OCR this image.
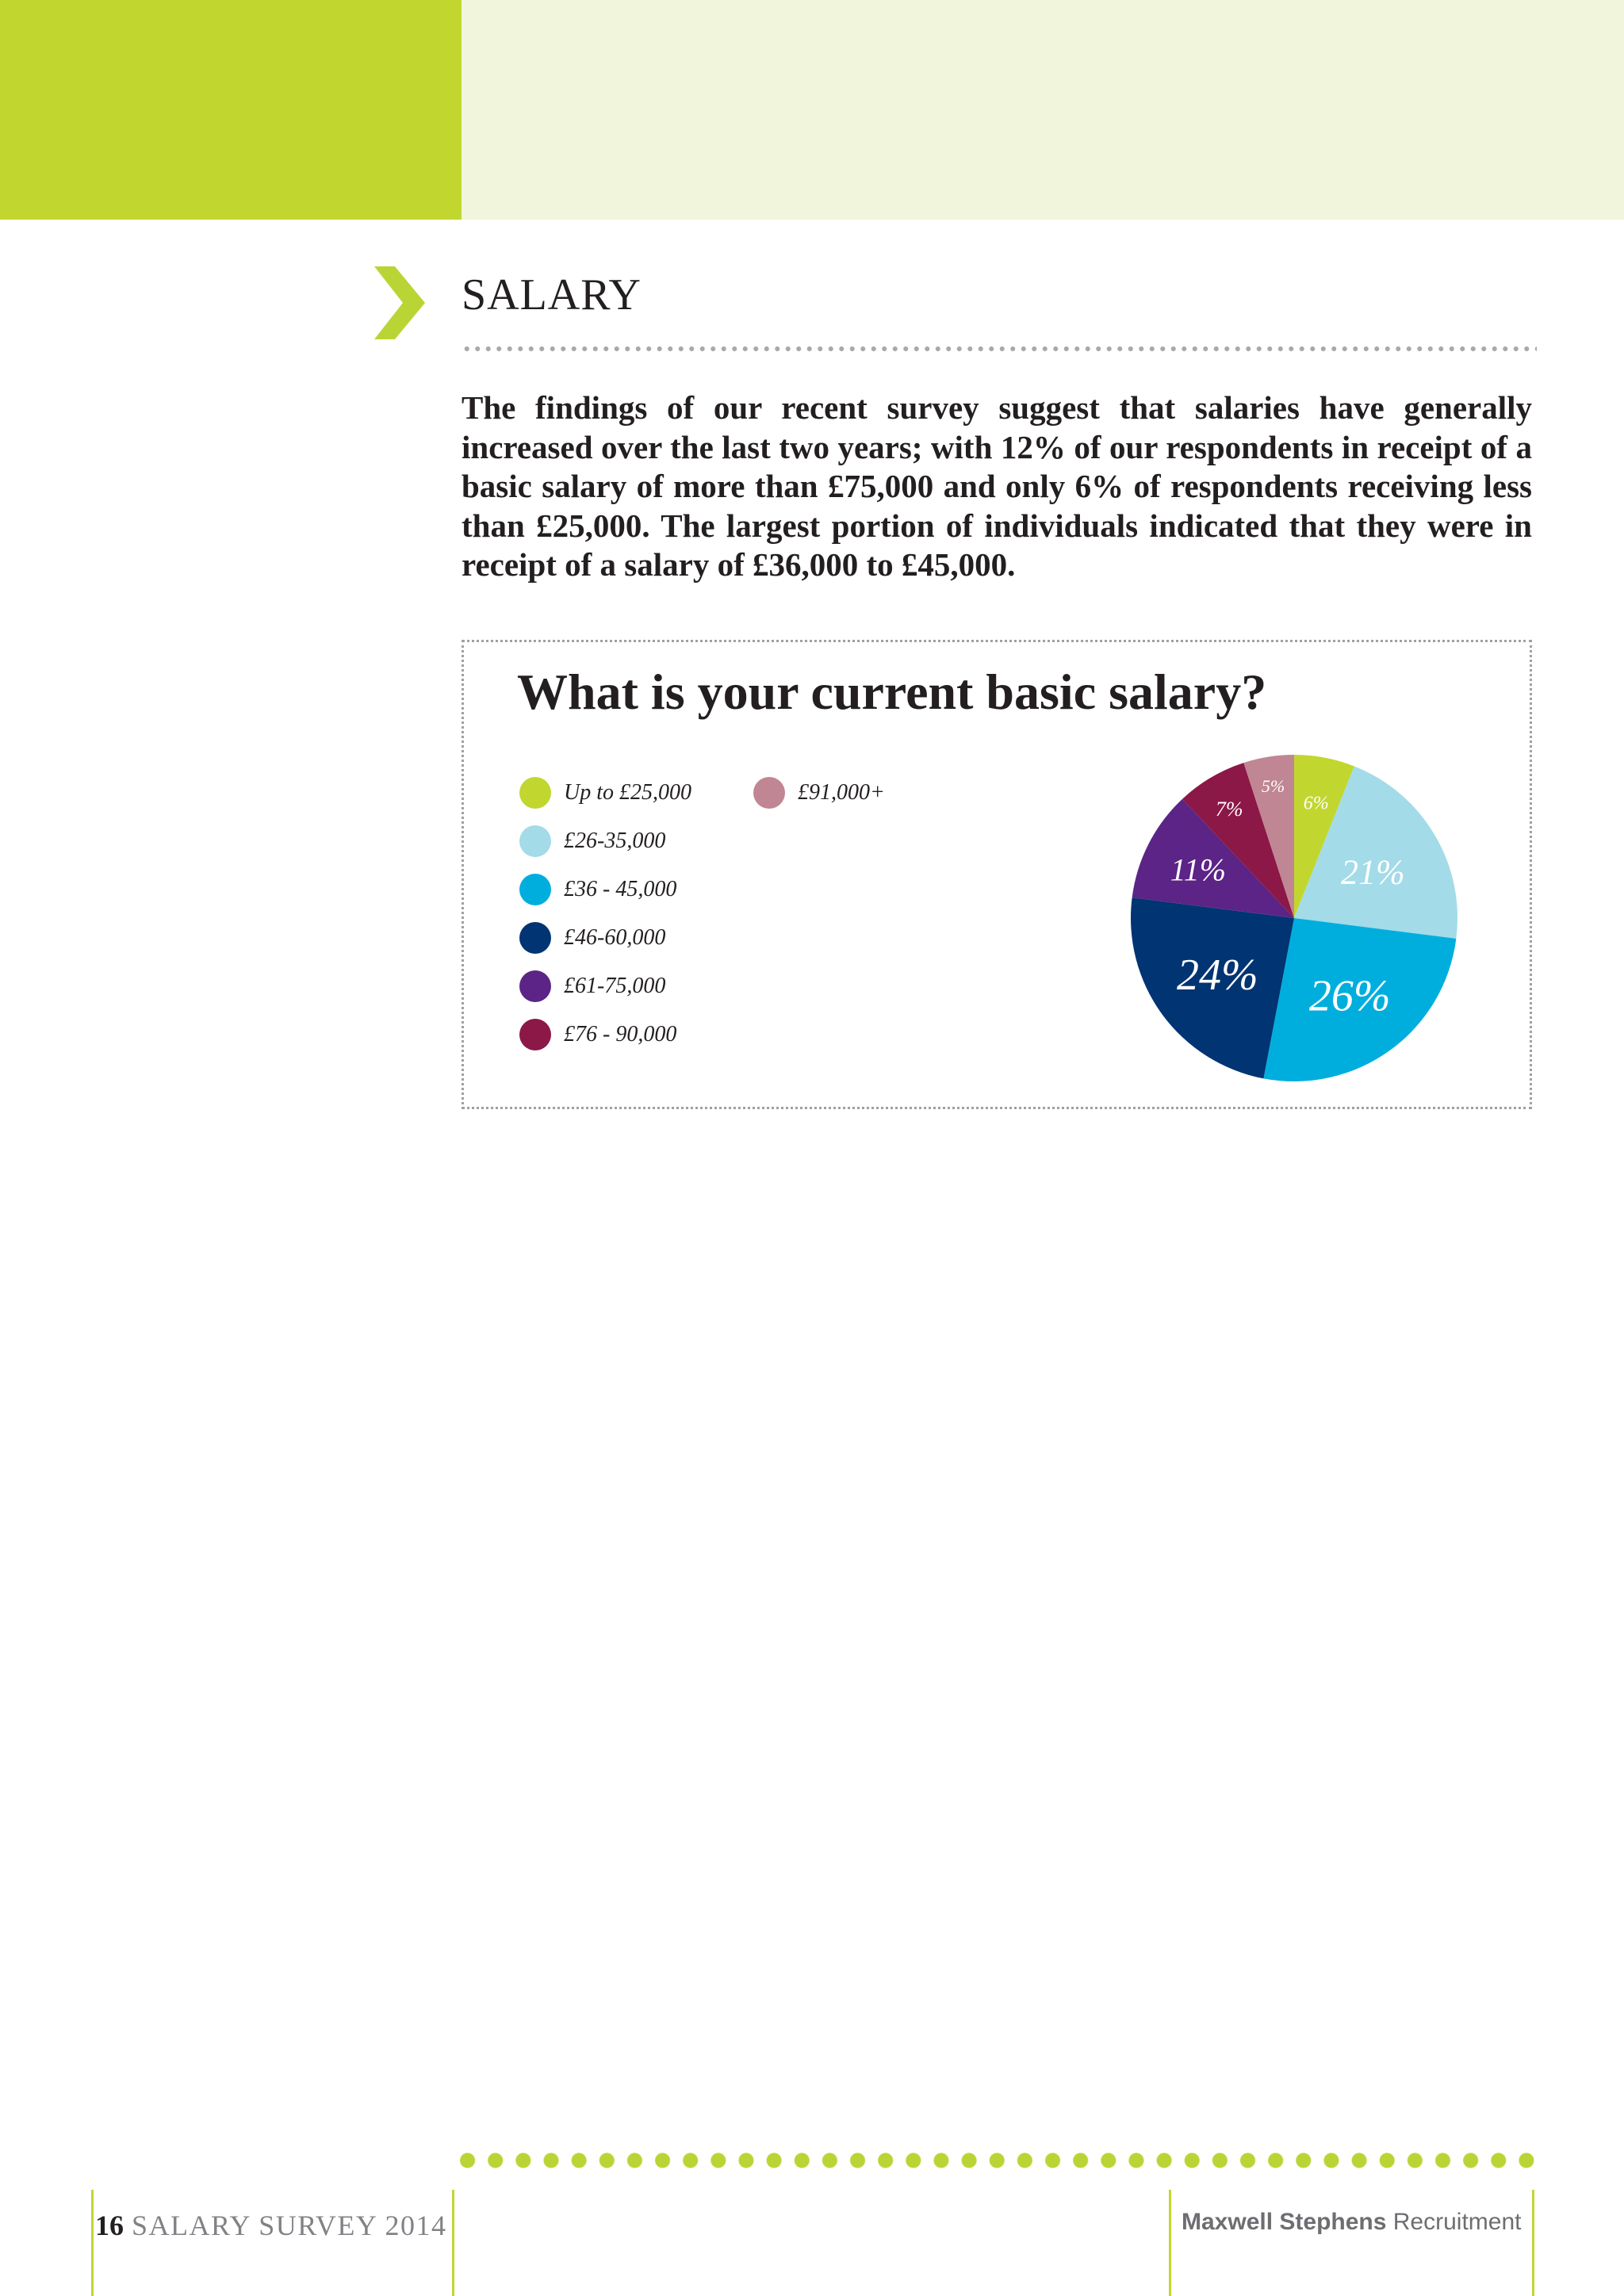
SALARY

The findings of our recent survey suggest that salaries have generally increased over the last two years; with 12% of our respondents in receipt of a basic salary of more than £75,000 and only 6% of respondents receiving less than £25,000. The largest portion of individuals indicated that they were in receipt of a salary of £36,000 to £45,000.

What is your current basic salary?
Up to £25,000
£26-35,000
£36 - 45,000
£46-60,000
£61-75,000
£76 - 90,000
£91,000+	6%
21%
26%
24%
11%
7%
5%

16 SALARY SURVEY 2014	Maxwell Stephens Recruitment
